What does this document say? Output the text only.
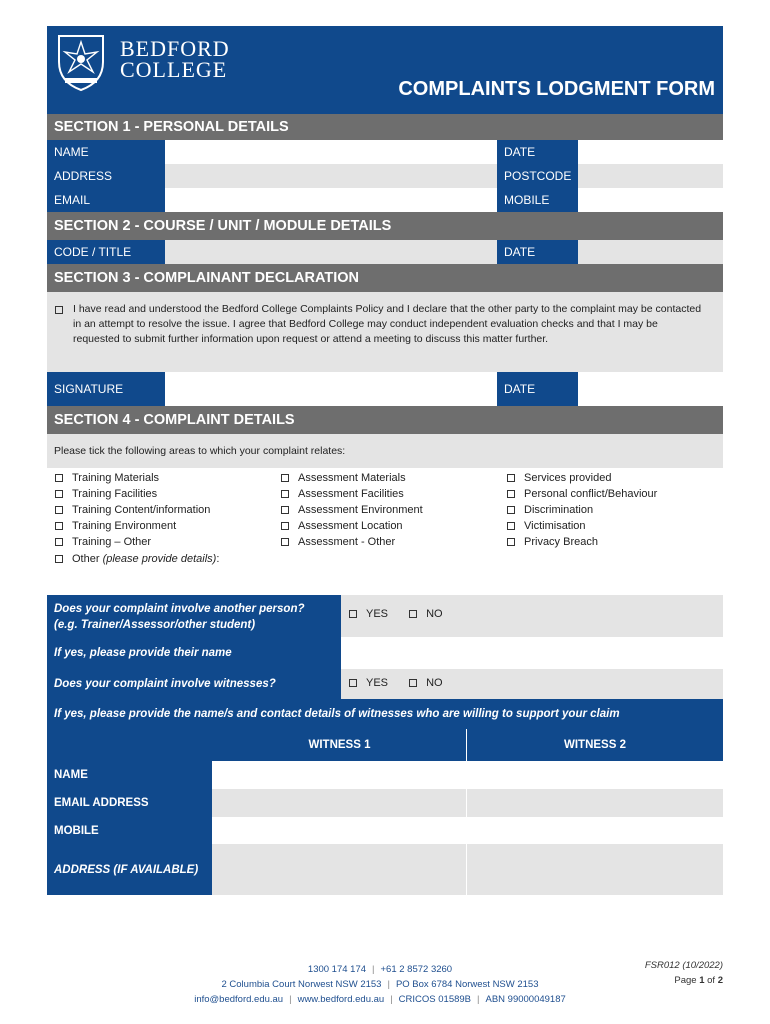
BEDFORD
COLLEGE
COMPLAINTS LODGMENT FORM
SECTION 1 - PERSONAL DETAILS
NAME	DATE
ADDRESS	POSTCODE
EMAIL	MOBILE
SECTION 2 - COURSE / UNIT / MODULE DETAILS
CODE / TITLE	DATE
SECTION 3 - COMPLAINANT DECLARATION
I have read and understood the Bedford College Complaints Policy and I declare that the other party to the complaint may be contacted in an attempt to resolve the issue. I agree that Bedford College may conduct independent evaluation checks and that I may be requested to submit further information upon request or attend a meeting to discuss this matter further.
SIGNATURE	DATE
SECTION 4 - COMPLAINT DETAILS
Please tick the following areas to which your complaint relates:
Training Materials
Training Facilities
Training Content/information
Training Environment
Training – Other
Other (please provide details):
Assessment Materials
Assessment Facilities
Assessment Environment
Assessment Location
Assessment - Other
Services provided
Personal conflict/Behaviour
Discrimination
Victimisation
Privacy Breach
Does your complaint involve another person?
(e.g. Trainer/Assessor/other student)
YES	NO
If yes, please provide their name
Does your complaint involve witnesses?	YES	NO
If yes, please provide the name/s and contact details of witnesses who are willing to support your claim
WITNESS 1	WITNESS 2
NAME
EMAIL ADDRESS
MOBILE
ADDRESS (IF AVAILABLE)
1300 174 174 | +61 2 8572 3260
2 Columbia Court Norwest NSW 2153 | PO Box 6784 Norwest NSW 2153
info@bedford.edu.au | www.bedford.edu.au | CRICOS 01589B | ABN 99000049187
FSR012 (10/2022)
Page 1 of 2
